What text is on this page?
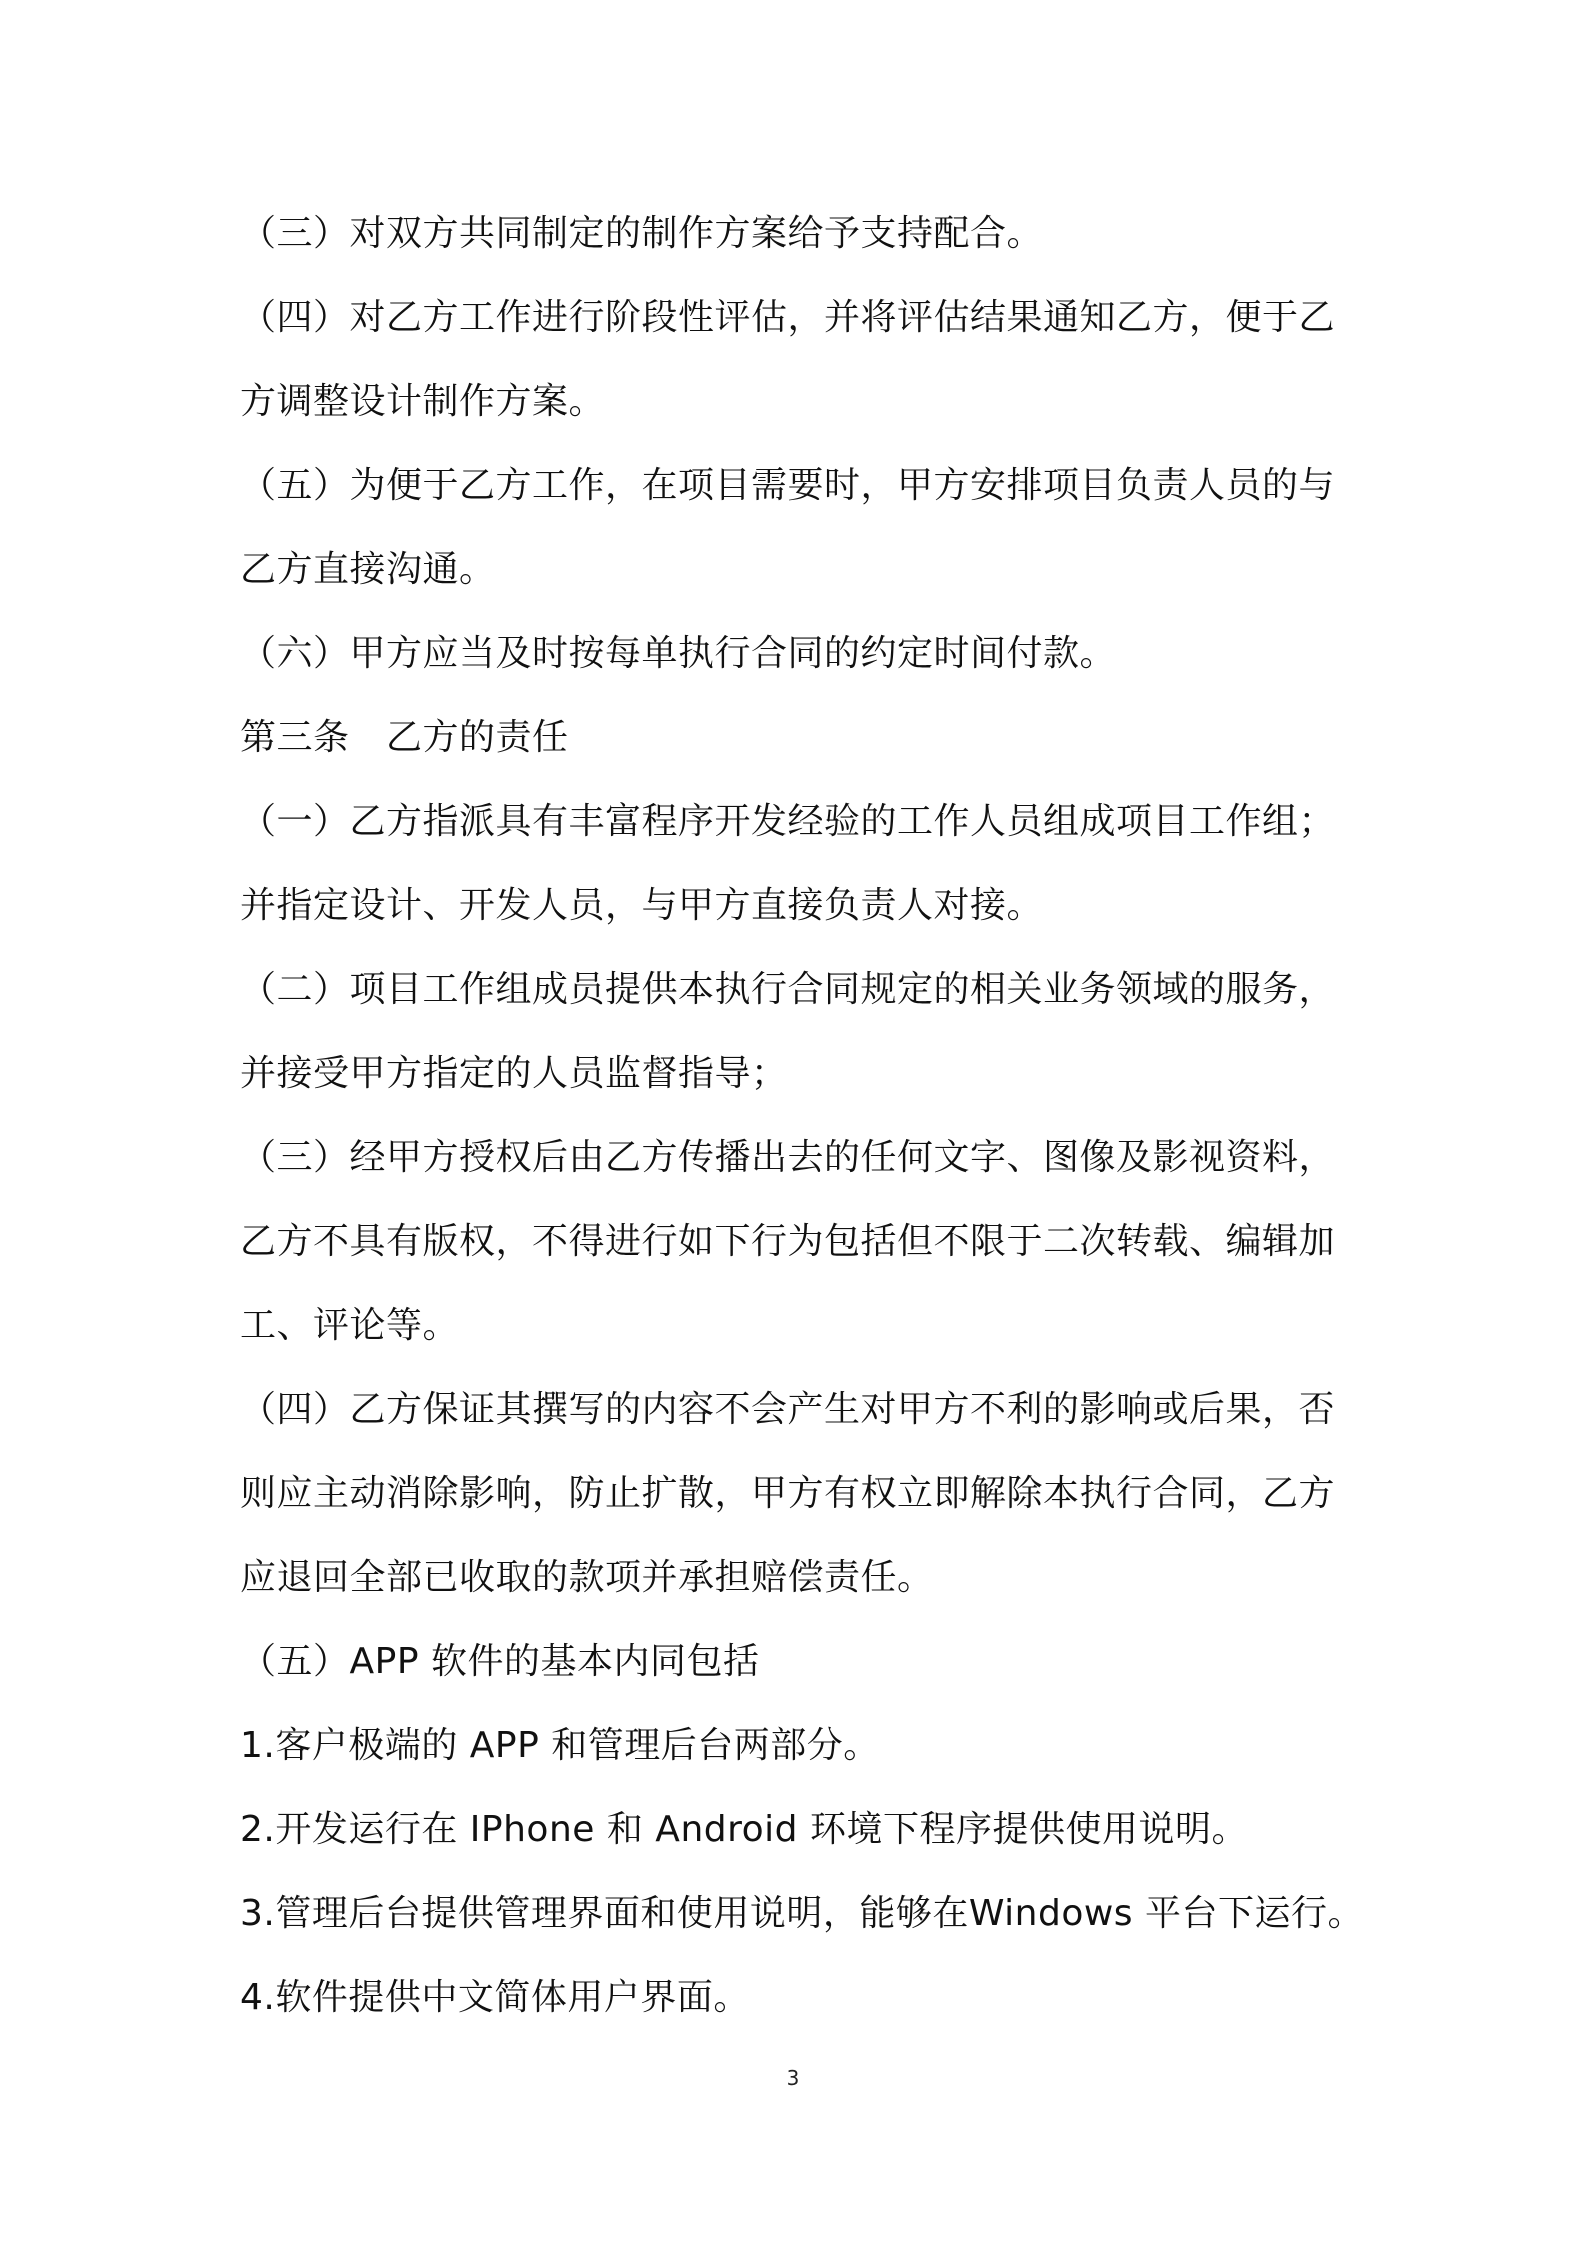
（三）对双方共同制定的制作方案给予支持配合。
（四）对乙方工作进行阶段性评估，并将评估结果通知乙方，便于乙
方调整设计制作方案。
（五）为便于乙方工作，在项目需要时，甲方安排项目负责人员的与
乙方直接沟通。
（六）甲方应当及时按每单执行合同的约定时间付款。
第三条　乙方的责任
（一）乙方指派具有丰富程序开发经验的工作人员组成项目工作组；
并指定设计、开发人员，与甲方直接负责人对接。
（二）项目工作组成员提供本执行合同规定的相关业务领域的服务，
并接受甲方指定的人员监督指导；
（三）经甲方授权后由乙方传播出去的任何文字、图像及影视资料，
乙方不具有版权，不得进行如下行为包括但不限于二次转载、编辑加
工、评论等。
（四）乙方保证其撰写的内容不会产生对甲方不利的影响或后果，否
则应主动消除影响，防止扩散，甲方有权立即解除本执行合同，乙方
应退回全部已收取的款项并承担赔偿责任。
（五）APP 软件的基本内同包括
1.客户极端的 APP 和管理后台两部分。
2.开发运行在 IPhone 和 Android 环境下程序提供使用说明。
3.管理后台提供管理界面和使用说明，能够在Windows 平台下运行。
4.软件提供中文简体用户界面。
3
